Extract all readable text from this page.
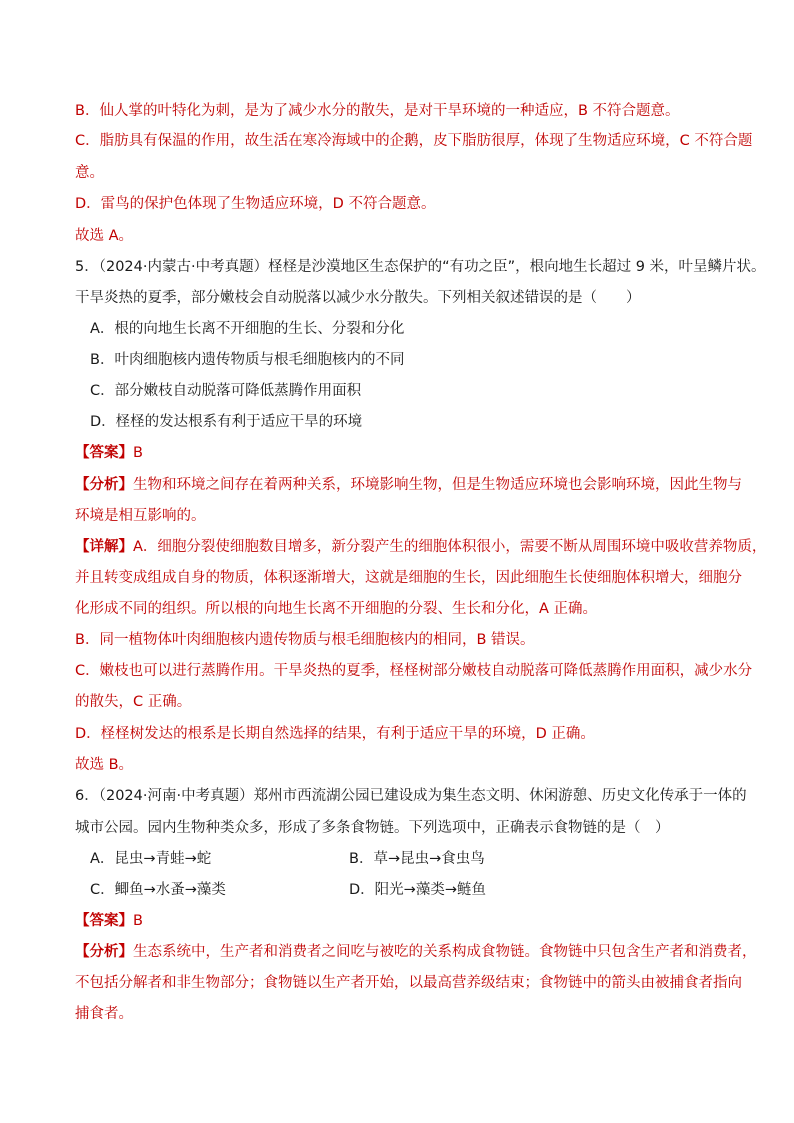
B．仙人掌的叶特化为刺，是为了减少水分的散失，是对干旱环境的一种适应，B 不符合题意。
C．脂肪具有保温的作用，故生活在寒冷海域中的企鹅，皮下脂肪很厚，体现了生物适应环境，C 不符合题
意。
D．雷鸟的保护色体现了生物适应环境，D 不符合题意。
故选 A。
5．（2024·内蒙古·中考真题）柽柽是沙漠地区生态保护的“有功之臣”，根向地生长超过 9 米，叶呈鳞片状。
干旱炎热的夏季，部分嫩枝会自动脱落以减少水分散失。下列相关叙述错误的是（　　）
A．根的向地生长离不开细胞的生长、分裂和分化
B．叶肉细胞核内遗传物质与根毛细胞核内的不同
C．部分嫩枝自动脱落可降低蒸腾作用面积
D．柽柽的发达根系有利于适应干旱的环境
【答案】B
【分析】生物和环境之间存在着两种关系，环境影响生物，但是生物适应环境也会影响环境，因此生物与
环境是相互影响的。
【详解】A．细胞分裂使细胞数目增多，新分裂产生的细胞体积很小，需要不断从周围环境中吸收营养物质，
并且转变成组成自身的物质，体积逐渐增大，这就是细胞的生长，因此细胞生长使细胞体积增大，细胞分
化形成不同的组织。所以根的向地生长离不开细胞的分裂、生长和分化，A 正确。
B．同一植物体叶肉细胞核内遗传物质与根毛细胞核内的相同，B 错误。
C．嫩枝也可以进行蒸腾作用。干旱炎热的夏季，柽柽树部分嫩枝自动脱落可降低蒸腾作用面积，减少水分
的散失，C 正确。
D．柽柽树发达的根系是长期自然选择的结果，有利于适应干旱的环境，D 正确。
故选 B。
6．（2024·河南·中考真题）郑州市西流湖公园已建设成为集生态文明、休闲游憩、历史文化传承于一体的
城市公园。园内生物种类众多，形成了多条食物链。下列选项中，正确表示食物链的是（　）
A．昆虫→青蛙→蛇	B．草→昆虫→食虫鸟
C．鲫鱼→水蚤→藻类	D．阳光→藻类→鲢鱼
【答案】B
【分析】生态系统中，生产者和消费者之间吃与被吃的关系构成食物链。食物链中只包含生产者和消费者，
不包括分解者和非生物部分；食物链以生产者开始，以最高营养级结束；食物链中的箭头由被捕食者指向
捕食者。
